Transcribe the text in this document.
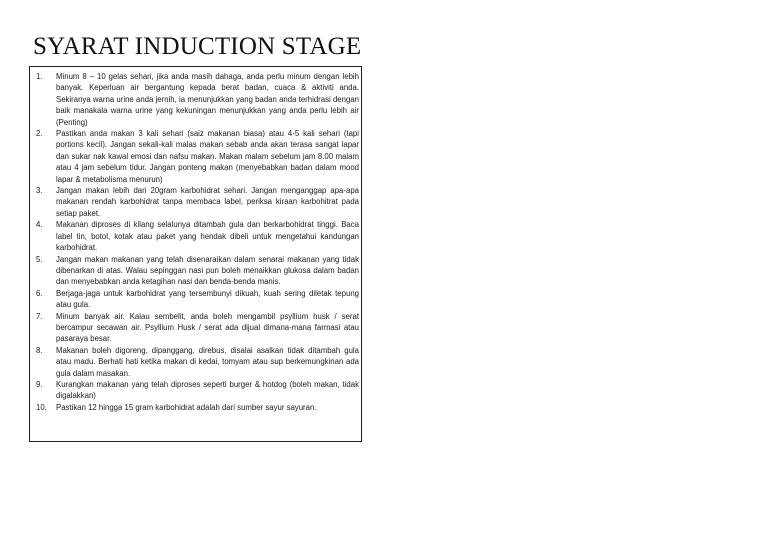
SYARAT INDUCTION STAGE
1. Minum 8 – 10 gelas sehari, jika anda masih dahaga, anda perlu minum dengan lebih banyak. Keperluan air bergantung kepada berat badan, cuaca & aktiviti anda. Sekiranya warna urine anda jernih, ia menunjukkan yang badan anda terhidrasi dengan baik manakala warna urine yang kekuningan menunjukkan yang anda perlu lebih air (Penting)
2. Pastikan anda makan 3 kali sehari (saiz makanan biasa) atau 4-5 kali sehari (tapi portions kecil). Jangan sekali-kali malas makan sebab anda akan terasa sangat lapar dan sukar nak kawal emosi dan nafsu makan. Makan malam sebelum jam 8.00 malam atau 4 jam sebelum tidur. Jangan ponteng makan (menyebabkan badan dalam mood lapar & metabolisma menurun)
3. Jangan makan lebih dari 20gram karbohidrat sehari. Jangan menganggap apa-apa makanan rendah karbohidrat tanpa membaca label, periksa kiraan karbohitrat pada setiap paket.
4. Makanan diproses di kilang selalunya ditambah gula dan berkarbohidrat tinggi. Baca label tin, botol, kotak atau paket yang hendak dibeli untuk mengetahui kandungan karbohidrat.
5. Jangan makan makanan yang telah disenaraikan dalam senarai makanan yang tidak dibenarkan di atas. Walau sepinggan nasi pun boleh menaikkan glukosa dalam badan dan menyebabkan anda ketagihan nasi dan benda-benda manis.
6. Berjaga-jaga untuk karbohidrat yang tersembunyi dikuah, kuah sering diletak tepung atau gula.
7. Minum banyak air. Kalau sembelit, anda boleh mengambil psyllium husk / serat bercampur secawan air. Psyllium Husk / serat ada dijual dimana-mana farmasi atau pasaraya besar.
8. Makanan boleh digoreng, dipanggang, direbus, disalai asalkan tidak ditambah gula atau madu. Berhati hati ketika makan di kedai, tomyam atau sup berkemungkinan ada gula dalam masakan.
9. Kurangkan makanan yang telah diproses seperti burger & hotdog (boleh makan, tidak digalakkan)
10. Pastikan 12 hingga 15 gram karbohidrat adalah dari sumber sayur sayuran.
